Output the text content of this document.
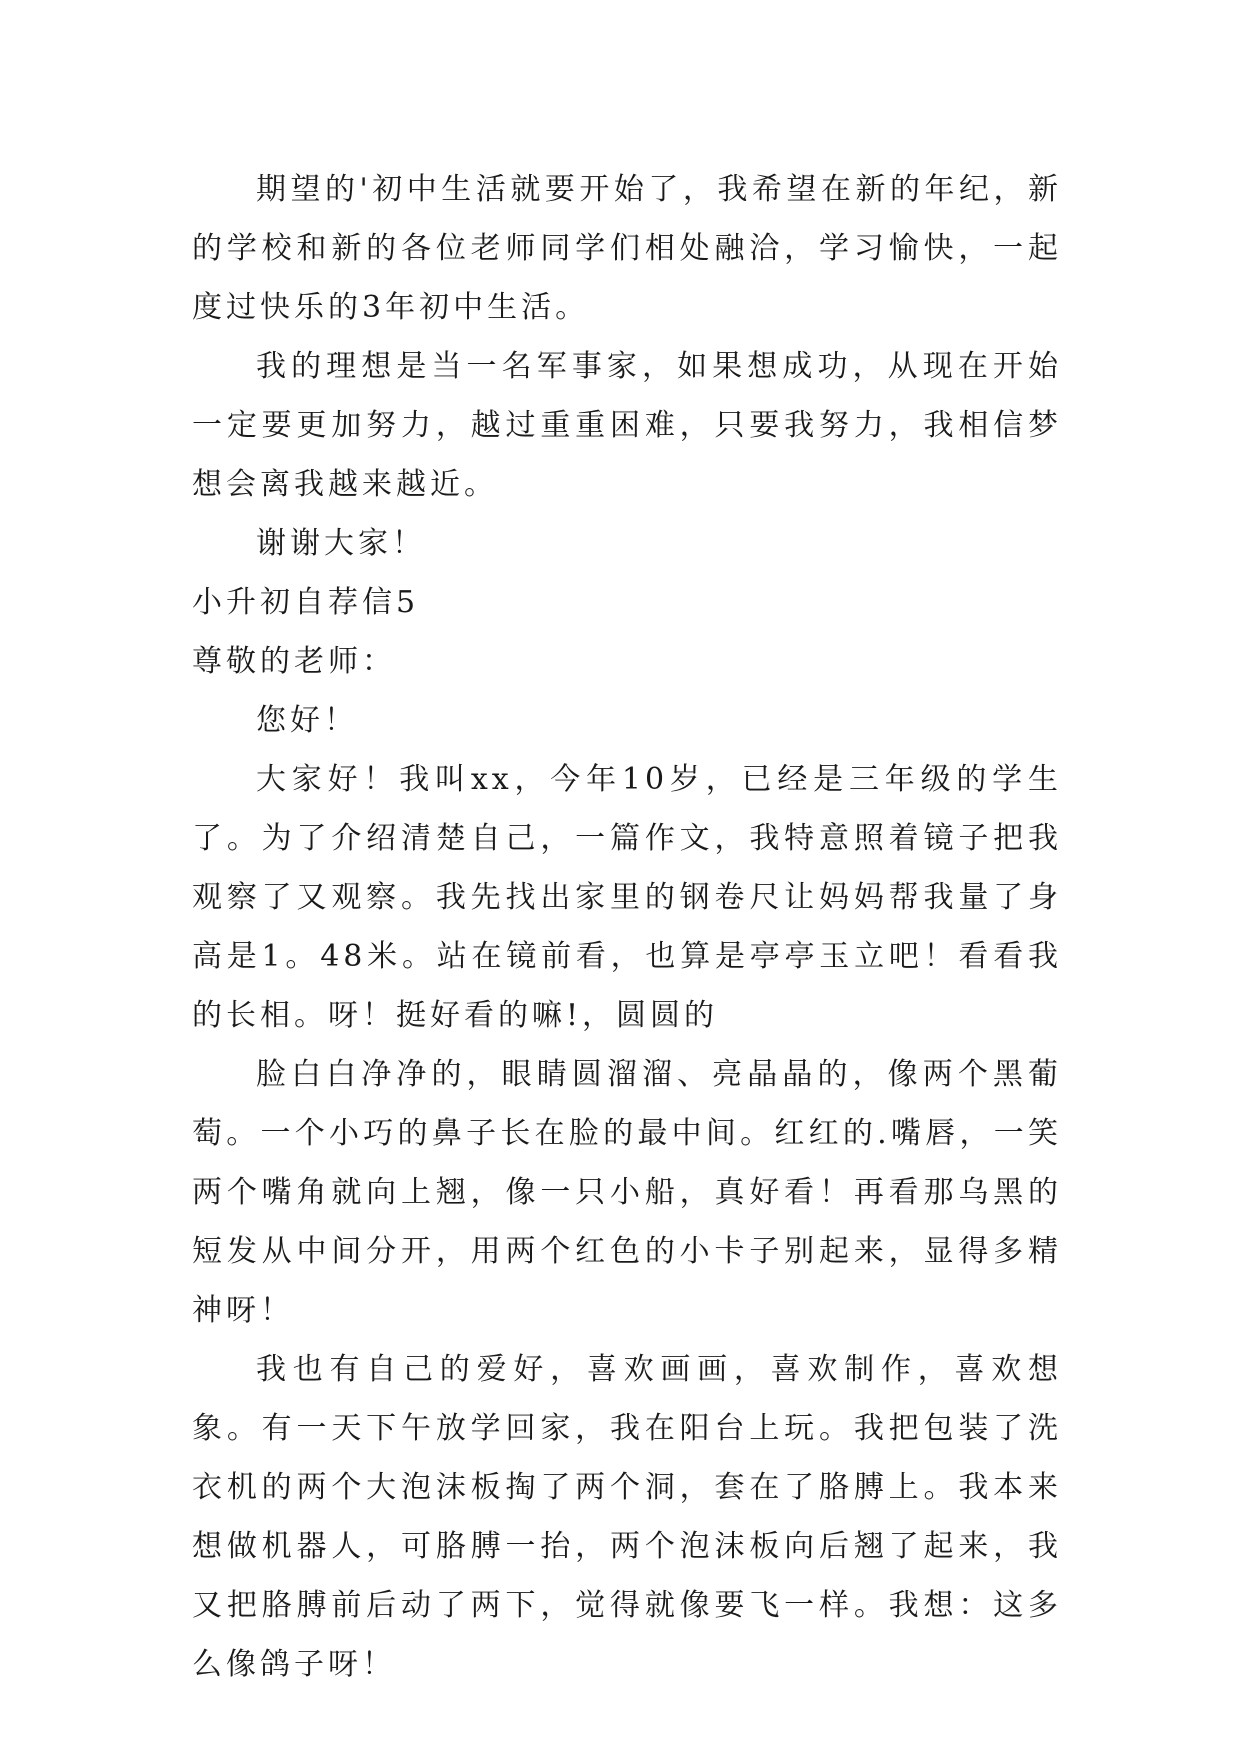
期望的'初中生活就要开始了，我希望在新的年纪，新的学校和新的各位老师同学们相处融洽，学习愉快，一起度过快乐的3年初中生活。

我的理想是当一名军事家，如果想成功，从现在开始一定要更加努力，越过重重困难，只要我努力，我相信梦想会离我越来越近。

谢谢大家！

小升初自荐信5

尊敬的老师：

您好！

大家好！我叫xx，今年10岁，已经是三年级的学生了。为了介绍清楚自己，一篇作文，我特意照着镜子把我观察了又观察。我先找出家里的钢卷尺让妈妈帮我量了身高是1。48米。站在镜前看，也算是亭亭玉立吧！看看我的长相。呀！挺好看的嘛!，圆圆的

脸白白净净的，眼睛圆溜溜、亮晶晶的，像两个黑葡萄。一个小巧的鼻子长在脸的最中间。红红的.嘴唇，一笑两个嘴角就向上翘，像一只小船，真好看！再看那乌黑的短发从中间分开，用两个红色的小卡子别起来，显得多精神呀！

我也有自己的爱好，喜欢画画，喜欢制作，喜欢想象。有一天下午放学回家，我在阳台上玩。我把包装了洗衣机的两个大泡沫板掏了两个洞，套在了胳膊上。我本来想做机器人，可胳膊一抬，两个泡沫板向后翘了起来，我又把胳膊前后动了两下，觉得就像要飞一样。我想：这多么像鸽子呀！
